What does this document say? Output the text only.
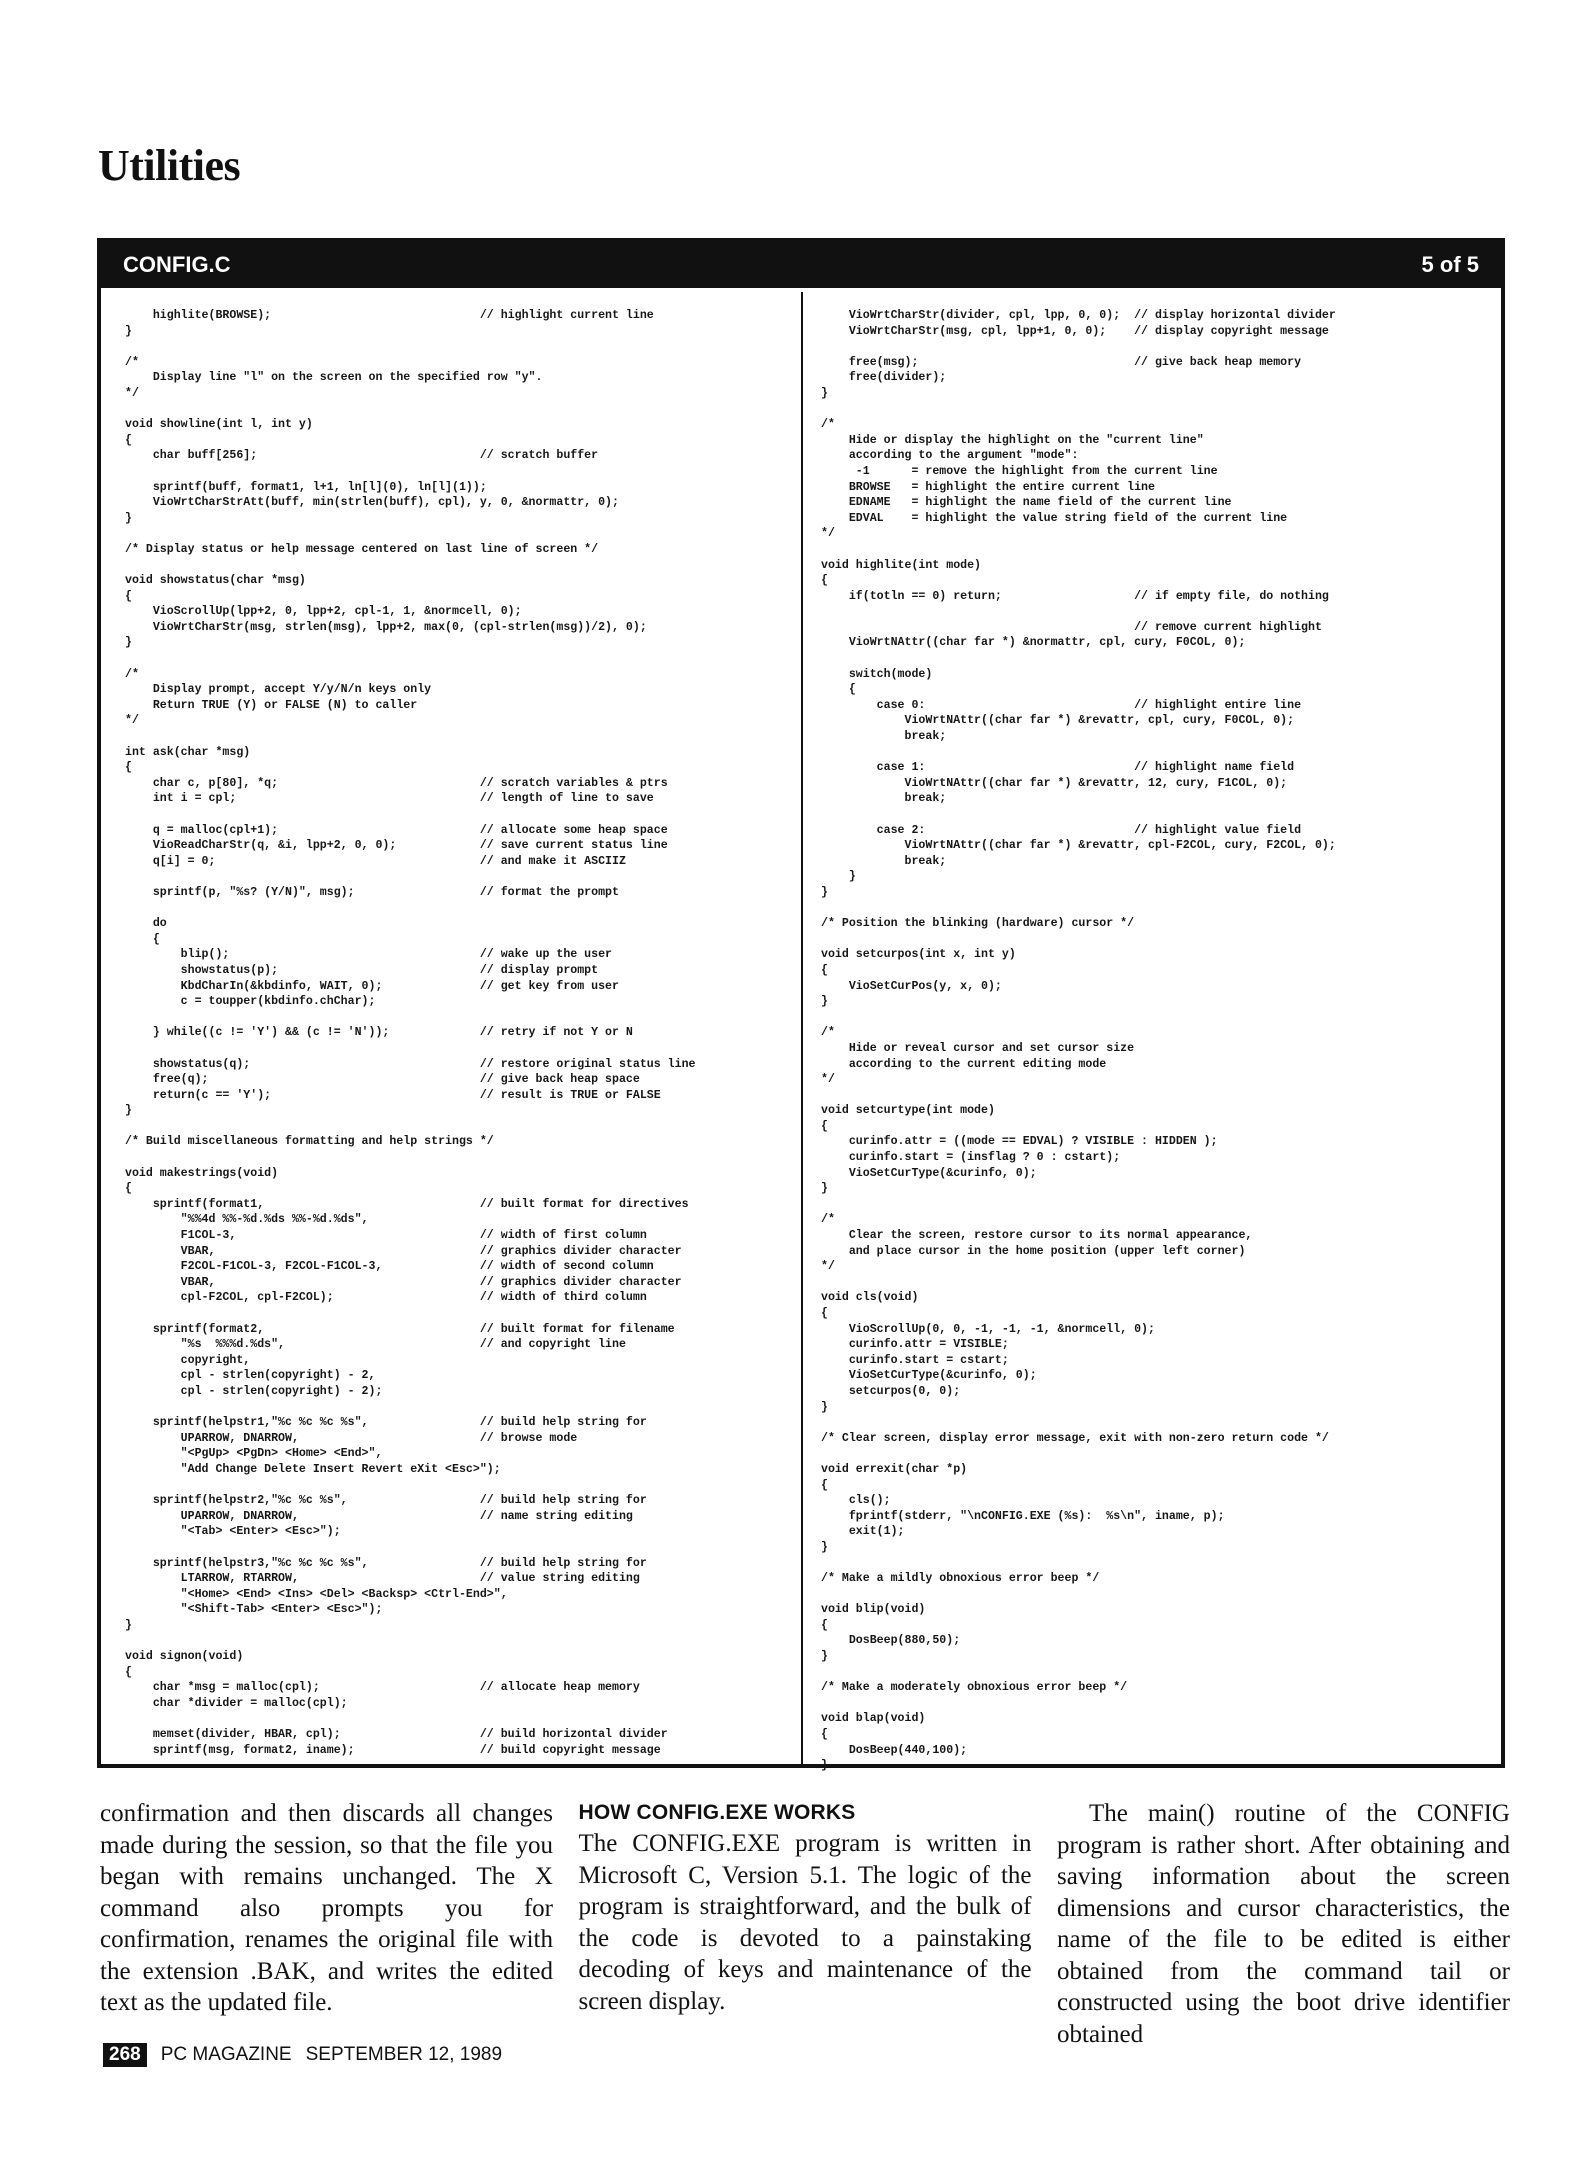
Utilities
CONFIG.C	5 of 5
highlite(BROWSE);                              // highlight current line
}

/*
Display line "l" on the screen on the specified row "y".
*/

void showline(int l, int y)
{
char buff[256];                                // scratch buffer

sprintf(buff, format1, l+1, ln[l](0), ln[l](1));
VioWrtCharStrAtt(buff, min(strlen(buff), cpl), y, 0, &normattr, 0);
}

/* Display status or help message centered on last line of screen */

void showstatus(char *msg)
{
VioScrollUp(lpp+2, 0, lpp+2, cpl-1, 1, &normcell, 0);
VioWrtCharStr(msg, strlen(msg), lpp+2, max(0, (cpl-strlen(msg))/2), 0);
}

/*
Display prompt, accept Y/y/N/n keys only
Return TRUE (Y) or FALSE (N) to caller
*/

int ask(char *msg)
{
char c, p[80], *q;                             // scratch variables & ptrs
int i = cpl;                                   // length of line to save

q = malloc(cpl+1);                             // allocate some heap space
VioReadCharStr(q, &i, lpp+2, 0, 0);            // save current status line
q[i] = 0;                                      // and make it ASCIIZ

sprintf(p, "%s? (Y/N)", msg);                  // format the prompt

do
{
blip();                                    // wake up the user
showstatus(p);                             // display prompt
KbdCharIn(&kbdinfo, WAIT, 0);              // get key from user
c = toupper(kbdinfo.chChar);

} while((c != 'Y') && (c != 'N'));             // retry if not Y or N

showstatus(q);                                 // restore original status line
free(q);                                       // give back heap space
return(c == 'Y');                              // result is TRUE or FALSE
}

/* Build miscellaneous formatting and help strings */

void makestrings(void)
{
sprintf(format1,                               // built format for directives
"%%4d %%-%d.%ds %%-%d.%ds",
F1COL-3,                                   // width of first column
VBAR,                                      // graphics divider character
F2COL-F1COL-3, F2COL-F1COL-3,              // width of second column
VBAR,                                      // graphics divider character
cpl-F2COL, cpl-F2COL);                     // width of third column

sprintf(format2,                               // built format for filename
"%s  %%%d.%ds",                            // and copyright line
copyright,
cpl - strlen(copyright) - 2,
cpl - strlen(copyright) - 2);

sprintf(helpstr1,"%c %c %c %s",                // build help string for
UPARROW, DNARROW,                          // browse mode
"<PgUp> <PgDn> <Home> <End>",
"Add Change Delete Insert Revert eXit <Esc>");

sprintf(helpstr2,"%c %c %s",                   // build help string for
UPARROW, DNARROW,                          // name string editing
"<Tab> <Enter> <Esc>");

sprintf(helpstr3,"%c %c %c %s",                // build help string for
LTARROW, RTARROW,                          // value string editing
"<Home> <End> <Ins> <Del> <Backsp> <Ctrl-End>",
"<Shift-Tab> <Enter> <Esc>");
}

void signon(void)
{
char *msg = malloc(cpl);                       // allocate heap memory
char *divider = malloc(cpl);

memset(divider, HBAR, cpl);                    // build horizontal divider
sprintf(msg, format2, iname);                  // build copyright message
VioWrtCharStr(divider, cpl, lpp, 0, 0);  // display horizontal divider
VioWrtCharStr(msg, cpl, lpp+1, 0, 0);    // display copyright message

free(msg);                               // give back heap memory
free(divider);
}

/*
Hide or display the highlight on the "current line"
according to the argument "mode":
-1      = remove the highlight from the current line
BROWSE   = highlight the entire current line
EDNAME   = highlight the name field of the current line
EDVAL    = highlight the value string field of the current line
*/

void highlite(int mode)
{
if(totln == 0) return;                   // if empty file, do nothing

// remove current highlight
VioWrtNAttr((char far *) &normattr, cpl, cury, F0COL, 0);

switch(mode)
{
case 0:                              // highlight entire line
VioWrtNAttr((char far *) &revattr, cpl, cury, F0COL, 0);
break;

case 1:                              // highlight name field
VioWrtNAttr((char far *) &revattr, 12, cury, F1COL, 0);
break;

case 2:                              // highlight value field
VioWrtNAttr((char far *) &revattr, cpl-F2COL, cury, F2COL, 0);
break;
}
}

/* Position the blinking (hardware) cursor */

void setcurpos(int x, int y)
{
VioSetCurPos(y, x, 0);
}

/*
Hide or reveal cursor and set cursor size
according to the current editing mode
*/

void setcurtype(int mode)
{
curinfo.attr = ((mode == EDVAL) ? VISIBLE : HIDDEN );
curinfo.start = (insflag ? 0 : cstart);
VioSetCurType(&curinfo, 0);
}

/*
Clear the screen, restore cursor to its normal appearance,
and place cursor in the home position (upper left corner)
*/

void cls(void)
{
VioScrollUp(0, 0, -1, -1, -1, &normcell, 0);
curinfo.attr = VISIBLE;
curinfo.start = cstart;
VioSetCurType(&curinfo, 0);
setcurpos(0, 0);
}

/* Clear screen, display error message, exit with non-zero return code */

void errexit(char *p)
{
cls();
fprintf(stderr, "\nCONFIG.EXE (%s):  %s\n", iname, p);
exit(1);
}

/* Make a mildly obnoxious error beep */

void blip(void)
{
DosBeep(880,50);
}

/* Make a moderately obnoxious error beep */

void blap(void)
{
DosBeep(440,100);
}

confirmation and then discards all changes made during the session, so that the file you began with remains unchanged. The X command also prompts you for confirmation, renames the original file with the extension .BAK, and writes the edited text as the updated file.

HOW CONFIG.EXE WORKS

The CONFIG.EXE program is written in Microsoft C, Version 5.1. The logic of the program is straightforward, and the bulk of the code is devoted to a painstaking decoding of keys and maintenance of the screen display.

The main() routine of the CONFIG program is rather short. After obtaining and saving information about the screen dimensions and cursor characteristics, the name of the file to be edited is either obtained from the command tail or constructed using the boot drive identifier obtained

268	PC MAGAZINE SEPTEMBER 12, 1989
